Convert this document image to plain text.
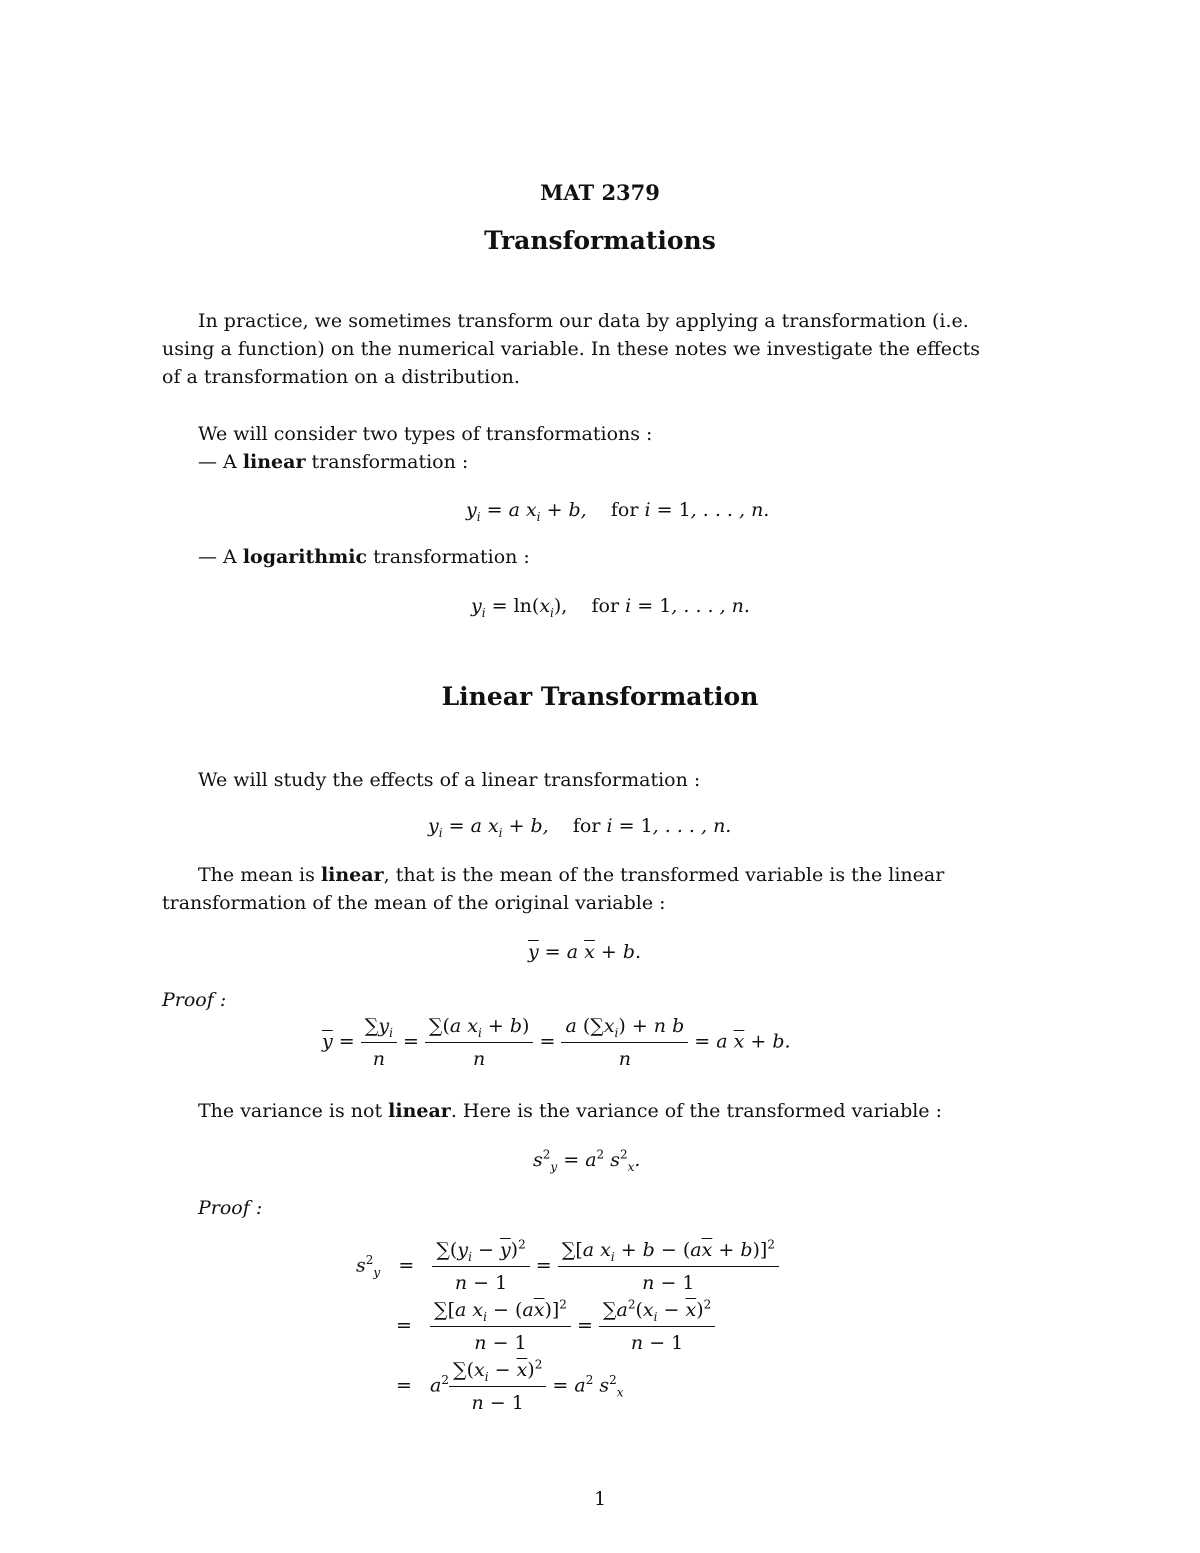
MAT 2379
Transformations
In practice, we sometimes transform our data by applying a transformation (i.e.
using a function) on the numerical variable. In these notes we investigate the effects
of a transformation on a distribution.
We will consider two types of transformations :
— A linear transformation :
$y_i = a$ $x_i + b$,    for i = 1, . . . , n.
— A logarithmic transformation :
$y_i = \ln(x_i)$, for i = 1, . . . , n.
Linear Transformation
We will study the effects of a linear transformation :
$y_i = a$ $x_i + b$,    for i = 1, . . . , n.
The mean is linear, that is the mean of the transformed variable is the linear
transformation of the mean of the original variable :
$\overline{y} = a$ $\overline{x} + b$.
Proof :
$\overline{y} = \frac{\sum y_i}{n} = \frac{\sum(a x_i + b)}{n} = \frac{a (\sum x_i) + n b}{n} = a$ $\overline{x} + b$.
The variance is not linear. Here is the variance of the transformed variable :
$s^2_y = a^2$ $s^2_x$.
Proof :
$s^2_y = \frac{\sum(y_i - \overline{y})^2}{n - 1} = \frac{\sum[a x_i + b - (a\overline{x} + b)]^2}{n - 1}$
= $\frac{\sum[a x_i - (a\overline{x})]^2}{n - 1} = \frac{\sum a^2(x_i - \overline{x})^2}{n - 1}$
=   $a^2 \frac{\sum(x_i - \overline{x})^2}{n - 1} = a^2$ $s^2_x$
1
